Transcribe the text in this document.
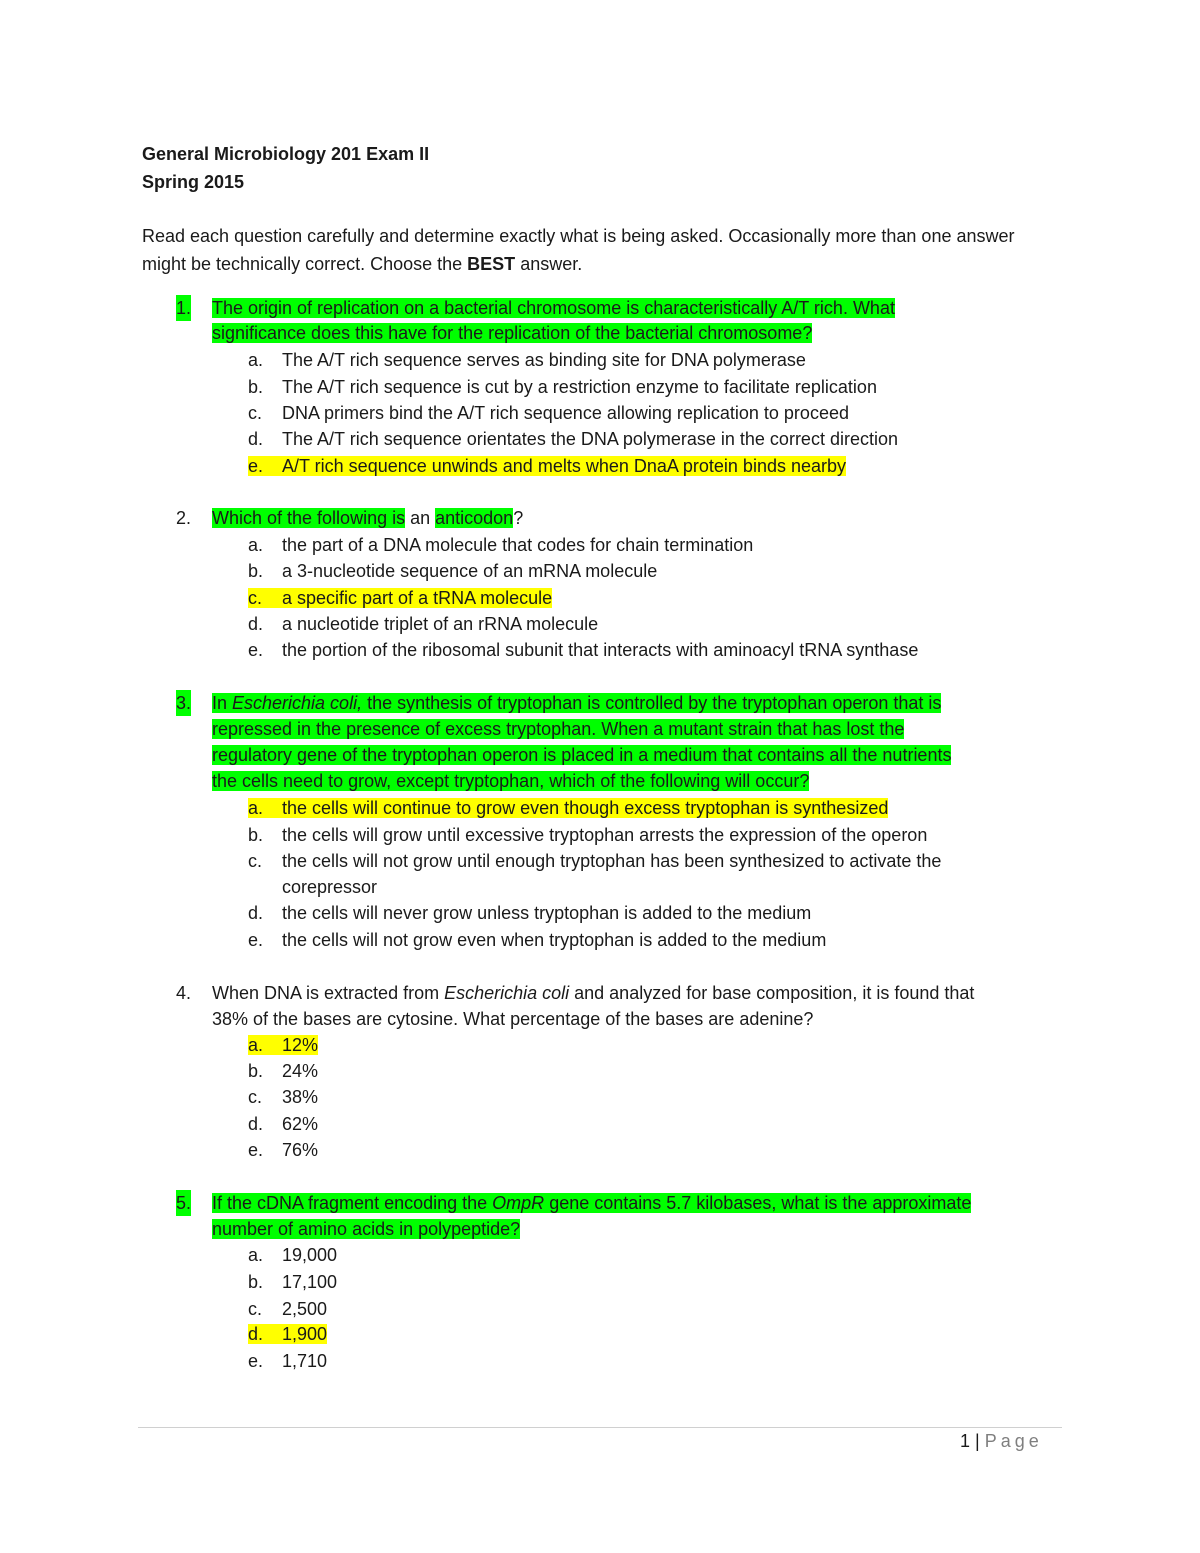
General Microbiology 201 Exam II
Spring 2015
Read each question carefully and determine exactly what is being asked. Occasionally more than one answer might be technically correct. Choose the BEST answer.
1. The origin of replication on a bacterial chromosome is characteristically A/T rich. What
significance does this have for the replication of the bacterial chromosome?
a. The A/T rich sequence serves as binding site for DNA polymerase
b. The A/T rich sequence is cut by a restriction enzyme to facilitate replication
c. DNA primers bind the A/T rich sequence allowing replication to proceed
d. The A/T rich sequence orientates the DNA polymerase in the correct direction
e. A/T rich sequence unwinds and melts when DnaA protein binds nearby
2. Which of the following is an anticodon?
a. the part of a DNA molecule that codes for chain termination
b. a 3-nucleotide sequence of an mRNA molecule
c. a specific part of a tRNA molecule
d. a nucleotide triplet of an rRNA molecule
e. the portion of the ribosomal subunit that interacts with aminoacyl tRNA synthase
3. In Escherichia coli, the synthesis of tryptophan is controlled by the tryptophan operon that is
repressed in the presence of excess tryptophan. When a mutant strain that has lost the
regulatory gene of the tryptophan operon is placed in a medium that contains all the nutrients
the cells need to grow, except tryptophan, which of the following will occur?
a. the cells will continue to grow even though excess tryptophan is synthesized
b. the cells will grow until excessive tryptophan arrests the expression of the operon
c. the cells will not grow until enough tryptophan has been synthesized to activate the
corepressor
d. the cells will never grow unless tryptophan is added to the medium
e. the cells will not grow even when tryptophan is added to the medium
4. When DNA is extracted from Escherichia coli and analyzed for base composition, it is found that
38% of the bases are cytosine. What percentage of the bases are adenine?
a. 12%
b. 24%
c. 38%
d. 62%
e. 76%
5. If the cDNA fragment encoding the OmpR gene contains 5.7 kilobases, what is the approximate
number of amino acids in polypeptide?
a. 19,000
b. 17,100
c. 2,500
d. 1,900
e. 1,710
1 | Page
